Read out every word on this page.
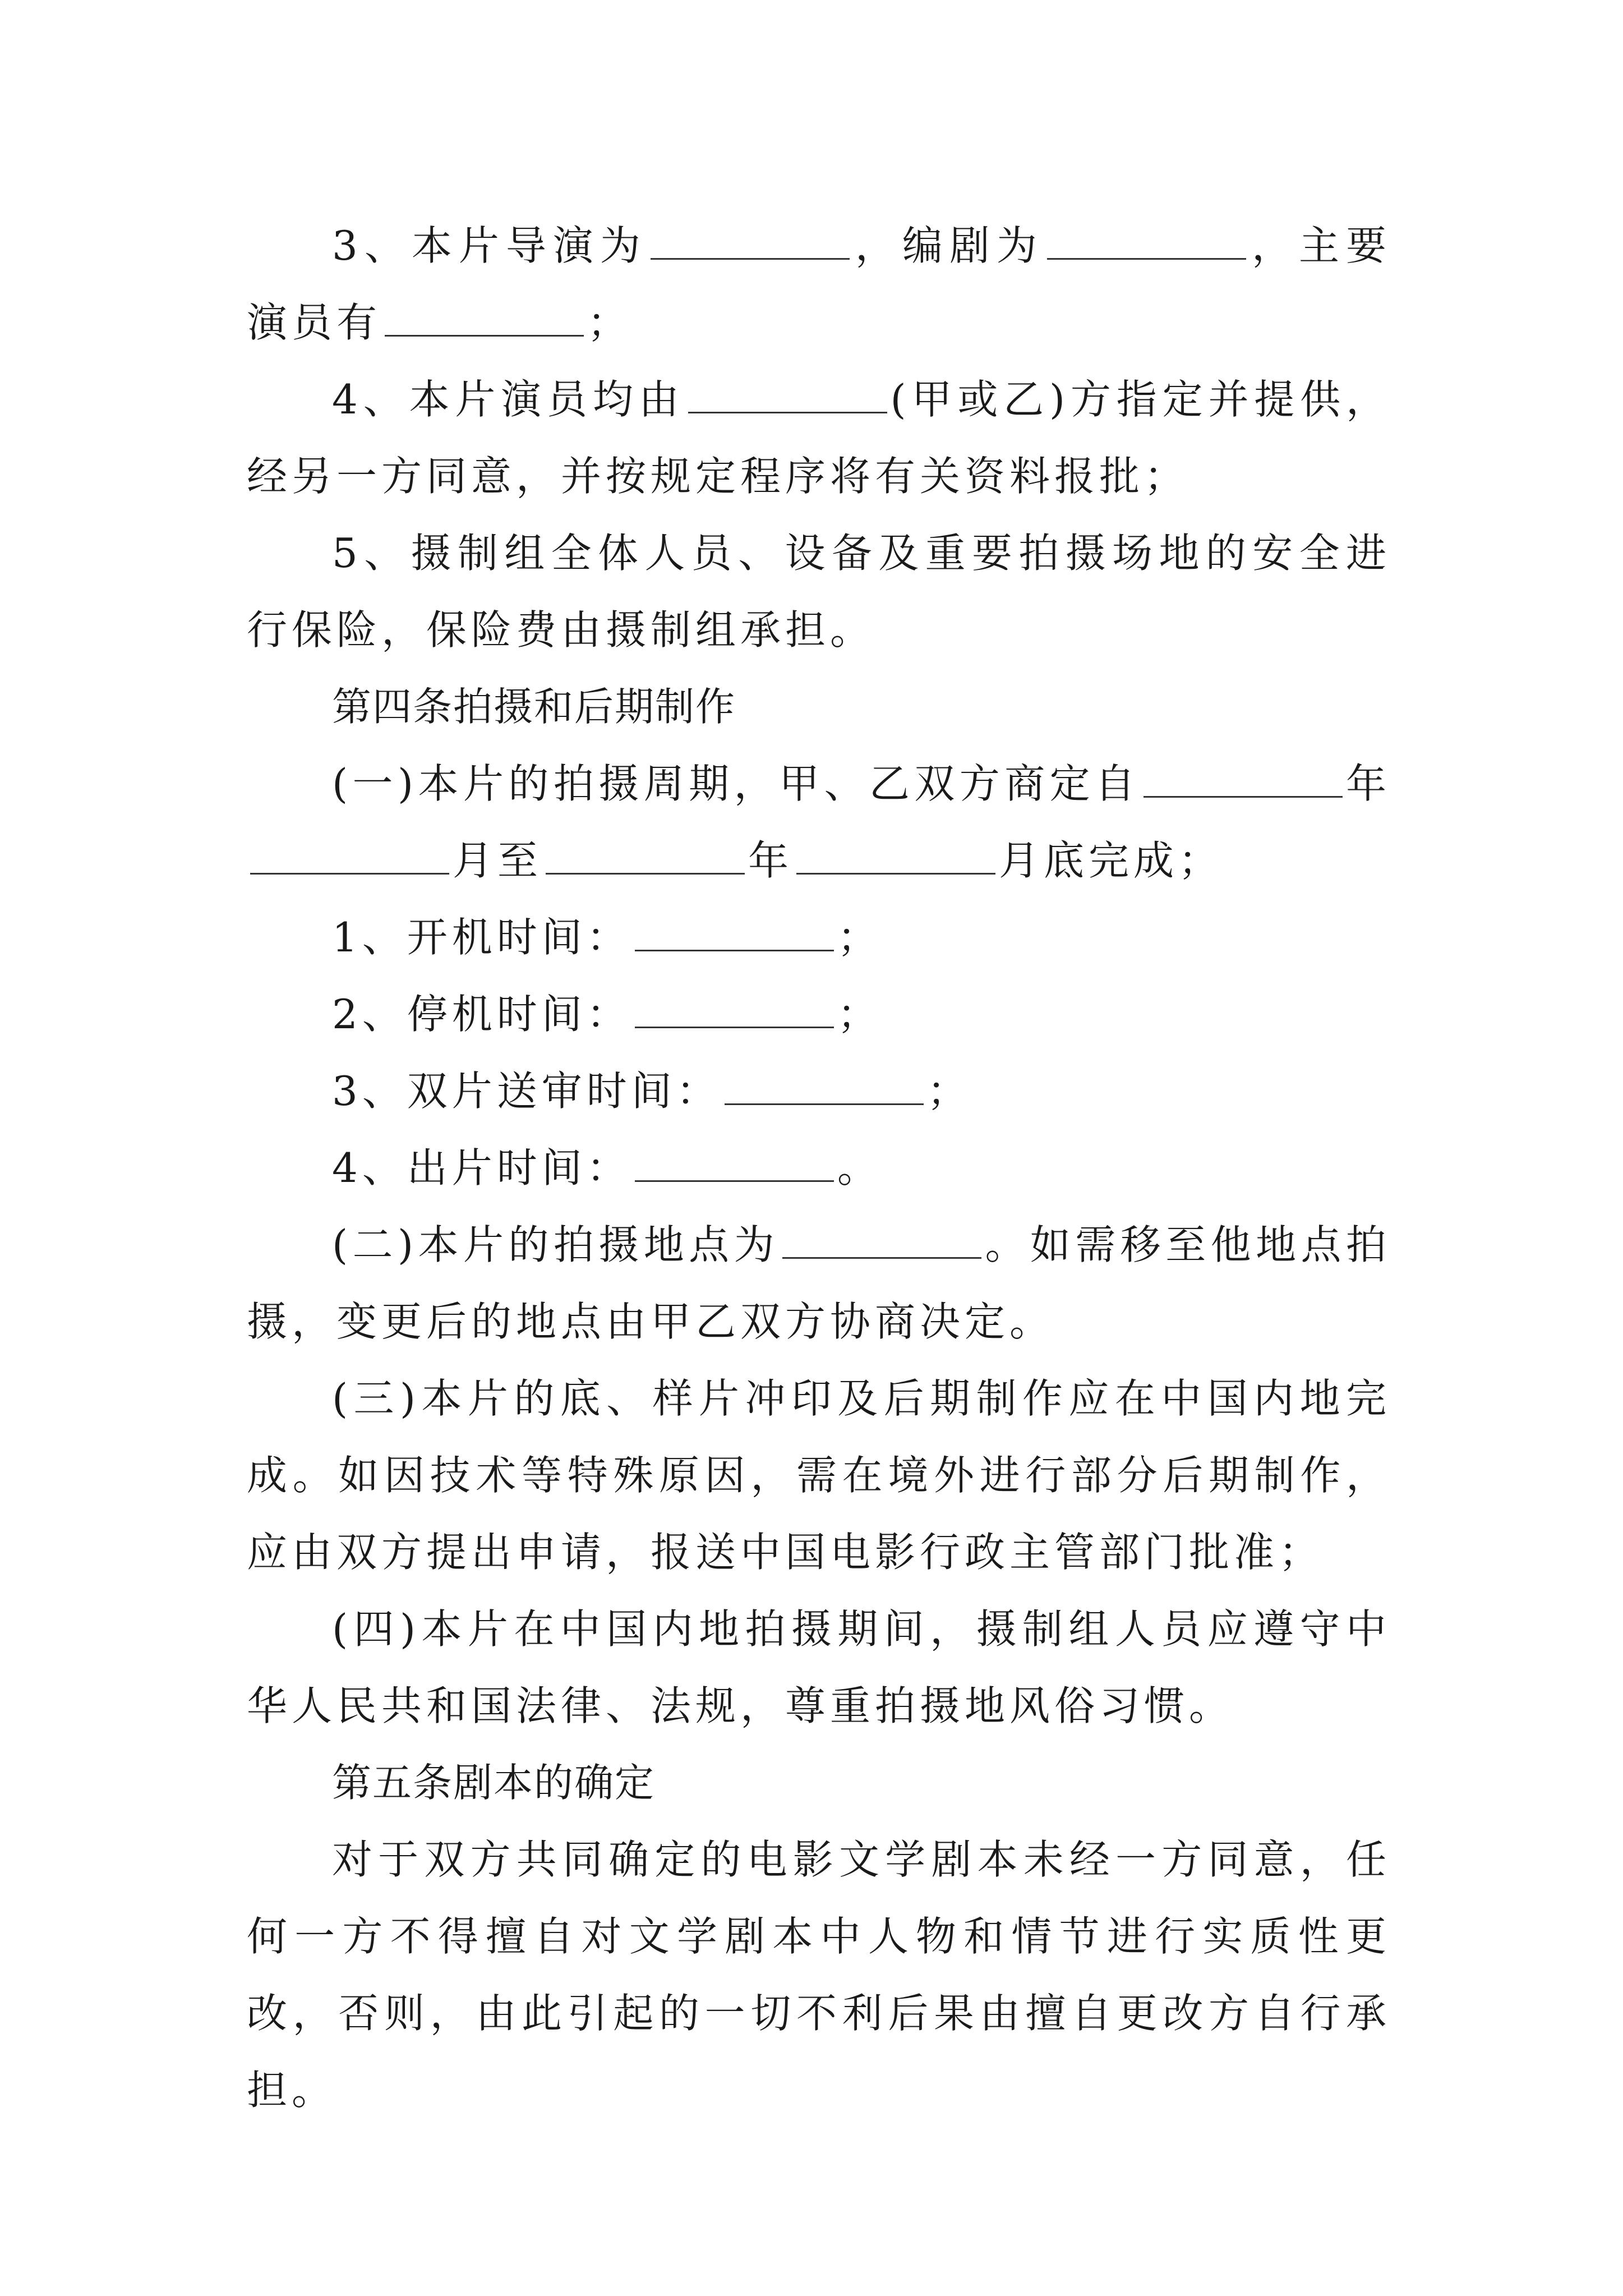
3、本片导演为	，编剧为	，主要演员有	；

4、本片演员均由	(甲或乙)方指定并提供，经另一方同意，并按规定程序将有关资料报批；

5、摄制组全体人员、设备及重要拍摄场地的安全进行保险，保险费由摄制组承担。

第四条拍摄和后期制作

(一)本片的拍摄周期，甲、乙双方商定自	年月至	年	月底完成；

1、开机时间：	；

2、停机时间：	；

3、双片送审时间：	；

4、出片时间：	。

(二)本片的拍摄地点为	。如需移至他地点拍摄，变更后的地点由甲乙双方协商决定。

(三)本片的底、样片冲印及后期制作应在中国内地完成。如因技术等特殊原因，需在境外进行部分后期制作，应由双方提出申请，报送中国电影行政主管部门批准；

(四)本片在中国内地拍摄期间，摄制组人员应遵守中华人民共和国法律、法规，尊重拍摄地风俗习惯。

第五条剧本的确定

对于双方共同确定的电影文学剧本未经一方同意，任何一方不得擅自对文学剧本中人物和情节进行实质性更改，否则，由此引起的一切不利后果由擅自更改方自行承担。
